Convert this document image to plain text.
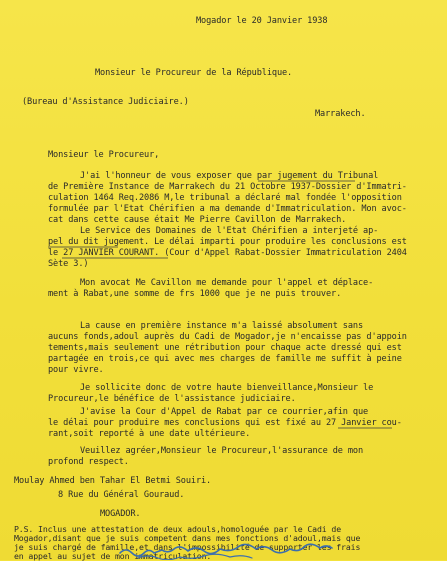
Mogador le 20 Janvier 1938
Monsieur le Procureur de la République.
(Bureau d'Assistance Judiciaire.)
Marrakech.
Monsieur le Procureur,
J'ai l'honneur de vous exposer que par jugement du Tribunal
de Première Instance de Marrakech du 21 Octobre 1937-Dossier d'Immatri-
culation 1464 Req.2086 M,le tribunal a déclaré mal fondée l'opposition
formulée par l'Etat Chérifien a ma demande d'Immatriculation. Mon avoc-
cat dans cette cause était Me Pierre Cavillon de Marrakech.
Le Service des Domaines de l'Etat Chérifien a interjeté ap-
pel du dit jugement. Le délai imparti pour produire les conclusions est
le 27 JANVIER COURANT. (Cour d'Appel Rabat-Dossier Immatriculation 2404
Sète 3.)
Mon avocat Me Cavillon me demande pour l'appel et déplace-
ment à Rabat,une somme de frs 1000 que je ne puis trouver.
La cause en première instance m'a laissé absolument sans
aucuns fonds,adoul auprès du Cadi de Mogador,je n'encaisse pas d'appoin
tements,mais seulement une rétribution pour chaque acte dressé qui est
partagée en trois,ce qui avec mes charges de famille me suffit à peine
pour vivre.
Je sollicite donc de votre haute bienveillance,Monsieur le
Procureur,le bénéfice de l'assistance judiciaire.
J'avise la Cour d'Appel de Rabat par ce courrier,afin que
le délai pour produire mes conclusions qui est fixé au 27 Janvier cou-
rant,soit reporté à une date ultérieure.
Veuillez agréer,Monsieur le Procureur,l'assurance de mon
profond respect.
Moulay Ahmed ben Tahar El Betmi Souiri.
8 Rue du Général Gouraud.
MOGADOR.
P.S. Inclus une attestation de deux adouls,homologuée par le Cadi de
Mogador,disant que je suis competent dans mes fonctions d'adoul,mais que
je suis chargé de famille,et dans l'impossibilité de supporter les frais
en appel au sujet de mon immatriculation.
